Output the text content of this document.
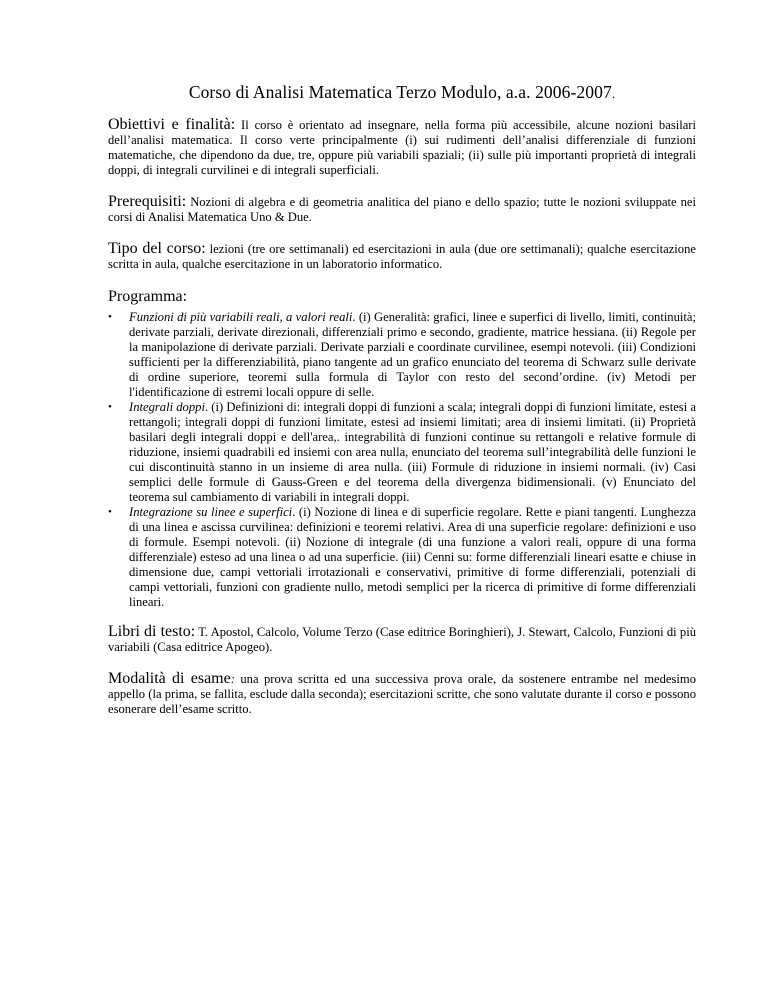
Corso di Analisi Matematica Terzo Modulo, a.a. 2006-2007.

Obiettivi e finalità: Il corso è orientato ad insegnare, nella forma più accessibile, alcune nozioni basilari dell’analisi matematica. Il corso verte principalmente (i) sui rudimenti dell’analisi differenziale di funzioni matematiche, che dipendono da due, tre, oppure più variabili spaziali; (ii) sulle più importanti proprietà di integrali doppi, di integrali curvilinei e di integrali superficiali.

Prerequisiti: Nozioni di algebra e di geometria analitica del piano e dello spazio; tutte le nozioni sviluppate nei corsi di Analisi Matematica Uno & Due.

Tipo del corso: lezioni (tre ore settimanali) ed esercitazioni in aula (due ore settimanali); qualche esercitazione scritta in aula, qualche esercitazione in un laboratorio informatico.

Programma:
• Funzioni di più variabili reali, a valori reali. (i) Generalità: grafici, linee e superfici di livello, limiti, continuità; derivate parziali, derivate direzionali, differenziali primo e secondo, gradiente, matrice hessiana. (ii) Regole per la manipolazione di derivate parziali. Derivate parziali e coordinate curvilinee, esempi notevoli. (iii) Condizioni sufficienti per la differenziabilità, piano tangente ad un grafico enunciato del teorema di Schwarz sulle derivate di ordine superiore, teoremi sulla formula di Taylor con resto del second’ordine. (iv) Metodi per l'identificazione di estremi locali oppure di selle.
• Integrali doppi. (i) Definizioni di: integrali doppi di funzioni a scala; integrali doppi di funzioni limitate, estesi a rettangoli; integrali doppi di funzioni limitate, estesi ad insiemi limitati; area di insiemi limitati. (ii) Proprietà basilari degli integrali doppi e dell'area,. integrabilità di funzioni continue su rettangoli e relative formule di riduzione, insiemi quadrabili ed insiemi con area nulla, enunciato del teorema sull’integrabilità delle funzioni le cui discontinuità stanno in un insieme di area nulla. (iii) Formule di riduzione in insiemi normali. (iv) Casi semplici delle formule di Gauss-Green e del teorema della divergenza bidimensionali. (v) Enunciato del teorema sul cambiamento di variabili in integrali doppi.
• Integrazione su linee e superfici. (i) Nozione di linea e di superficie regolare. Rette e piani tangenti. Lunghezza di una linea e ascissa curvilinea: definizioni e teoremi relativi. Area di una superficie regolare: definizioni e uso di formule. Esempi notevoli. (ii) Nozione di integrale (di una funzione a valori reali, oppure di una forma differenziale) esteso ad una linea o ad una superficie. (iii) Cenni su: forme differenziali lineari esatte e chiuse in dimensione due, campi vettoriali irrotazionali e conservativi, primitive di forme differenziali, potenziali di campi vettoriali, funzioni con gradiente nullo, metodi semplici per la ricerca di primitive di forme differenziali lineari.

Libri di testo: T. Apostol, Calcolo, Volume Terzo (Case editrice Boringhieri), J. Stewart, Calcolo, Funzioni di più variabili (Casa editrice Apogeo).

Modalità di esame: una prova scritta ed una successiva prova orale, da sostenere entrambe nel medesimo appello (la prima, se fallita, esclude dalla seconda); esercitazioni scritte, che sono valutate durante il corso e possono esonerare dell’esame scritto.
